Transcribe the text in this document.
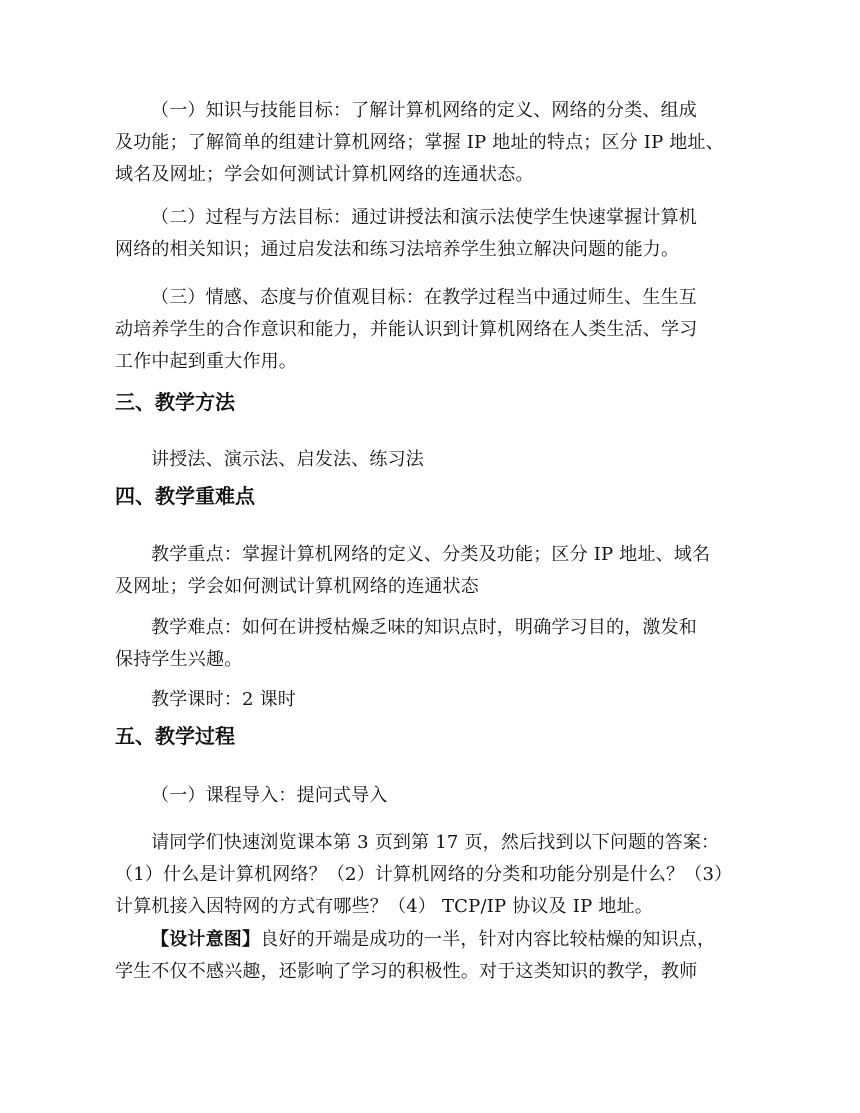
（一）知识与技能目标：了解计算机网络的定义、网络的分类、组成
及功能；了解简单的组建计算机网络；掌握 IP 地址的特点；区分 IP 地址、
域名及网址；学会如何测试计算机网络的连通状态。

（二）过程与方法目标：通过讲授法和演示法使学生快速掌握计算机
网络的相关知识；通过启发法和练习法培养学生独立解决问题的能力。

（三）情感、态度与价值观目标：在教学过程当中通过师生、生生互
动培养学生的合作意识和能力，并能认识到计算机网络在人类生活、学习
工作中起到重大作用。

三、教学方法

讲授法、演示法、启发法、练习法

四、教学重难点

教学重点：掌握计算机网络的定义、分类及功能；区分 IP 地址、域名
及网址；学会如何测试计算机网络的连通状态

教学难点：如何在讲授枯燥乏味的知识点时，明确学习目的，激发和
保持学生兴趣。

教学课时：2 课时

五、教学过程

（一）课程导入：提问式导入

请同学们快速浏览课本第 3 页到第 17 页，然后找到以下问题的答案：
（1）什么是计算机网络？（2）计算机网络的分类和功能分别是什么？（3）
计算机接入因特网的方式有哪些？（4） TCP/IP 协议及 IP 地址。

【设计意图】良好的开端是成功的一半，针对内容比较枯燥的知识点，
学生不仅不感兴趣，还影响了学习的积极性。对于这类知识的教学，教师
